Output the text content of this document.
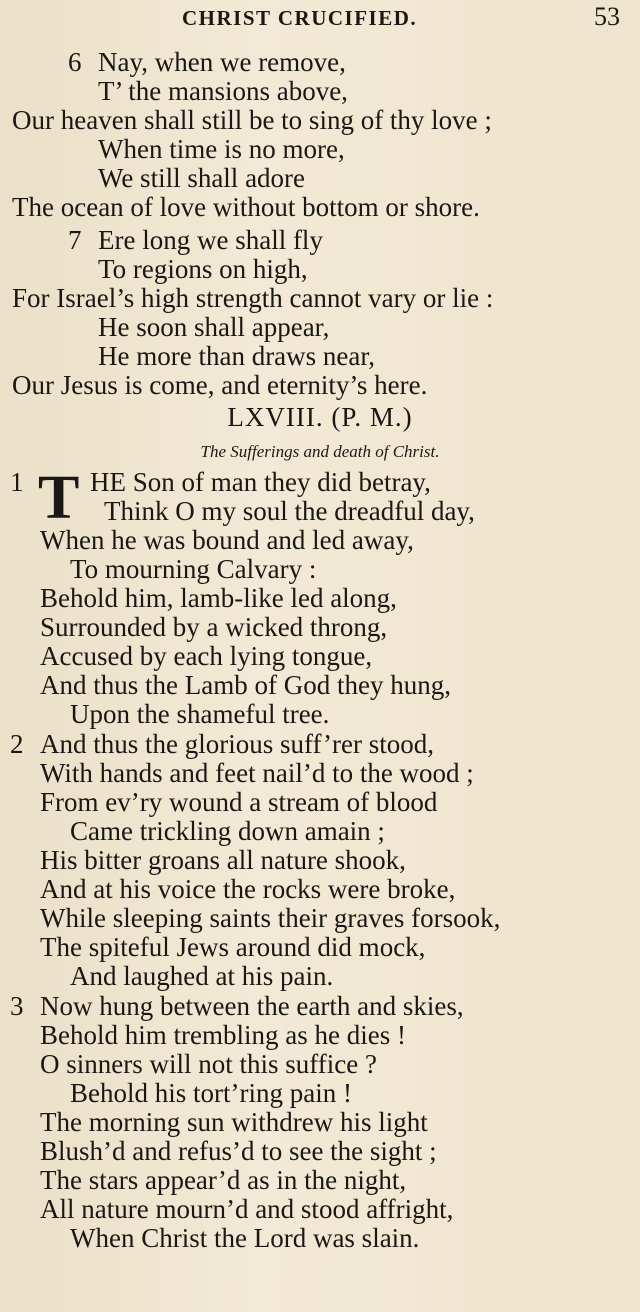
CHRIST CRUCIFIED.	53
6 Nay, when we remove,
T’ the mansions above,
Our heaven shall still be to sing of thy love ;
When time is no more,
We still shall adore
The ocean of love without bottom or shore.
7 Ere long we shall fly
To regions on high,
For Israel’s high strength cannot vary or lie :
He soon shall appear,
He more than draws near,
Our Jesus is come, and eternity’s here.
LXVIII. (P. M.)
The Sufferings and death of Christ.
1 T HE Son of man they did betray,
Think O my soul the dreadful day,
When he was bound and led away,
To mourning Calvary :
Behold him, lamb-like led along,
Surrounded by a wicked throng,
Accused by each lying tongue,
And thus the Lamb of God they hung,
Upon the shameful tree.
2 And thus the glorious suff’rer stood,
With hands and feet nail’d to the wood ;
From ev’ry wound a stream of blood
Came trickling down amain ;
His bitter groans all nature shook,
And at his voice the rocks were broke,
While sleeping saints their graves forsook,
The spiteful Jews around did mock,
And laughed at his pain.
3 Now hung between the earth and skies,
Behold him trembling as he dies !
O sinners will not this suffice ?
Behold his tort’ring pain !
The morning sun withdrew his light
Blush’d and refus’d to see the sight ;
The stars appear’d as in the night,
All nature mourn’d and stood affright,
When Christ the Lord was slain.
